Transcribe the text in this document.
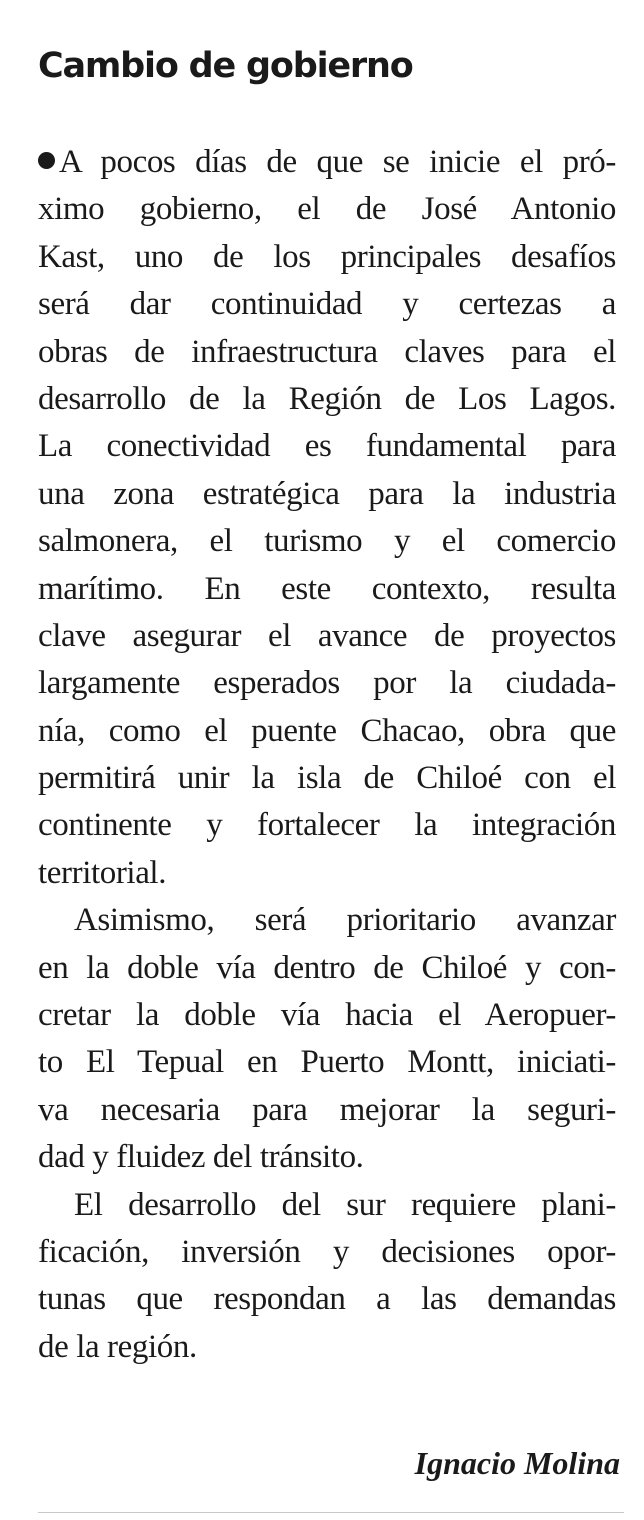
Cambio de gobierno
A pocos días de que se inicie el pró-
ximo gobierno, el de José Antonio
Kast, uno de los principales desafíos
será dar continuidad y certezas a
obras de infraestructura claves para el
desarrollo de la Región de Los Lagos.
La conectividad es fundamental para
una zona estratégica para la industria
salmonera, el turismo y el comercio
marítimo. En este contexto, resulta
clave asegurar el avance de proyectos
largamente esperados por la ciudada-
nía, como el puente Chacao, obra que
permitirá unir la isla de Chiloé con el
continente y fortalecer la integración
territorial.
Asimismo, será prioritario avanzar
en la doble vía dentro de Chiloé y con-
cretar la doble vía hacia el Aeropuer-
to El Tepual en Puerto Montt, iniciati-
va necesaria para mejorar la seguri-
dad y fluidez del tránsito.
El desarrollo del sur requiere plani-
ficación, inversión y decisiones opor-
tunas que respondan a las demandas
de la región.
Ignacio Molina
